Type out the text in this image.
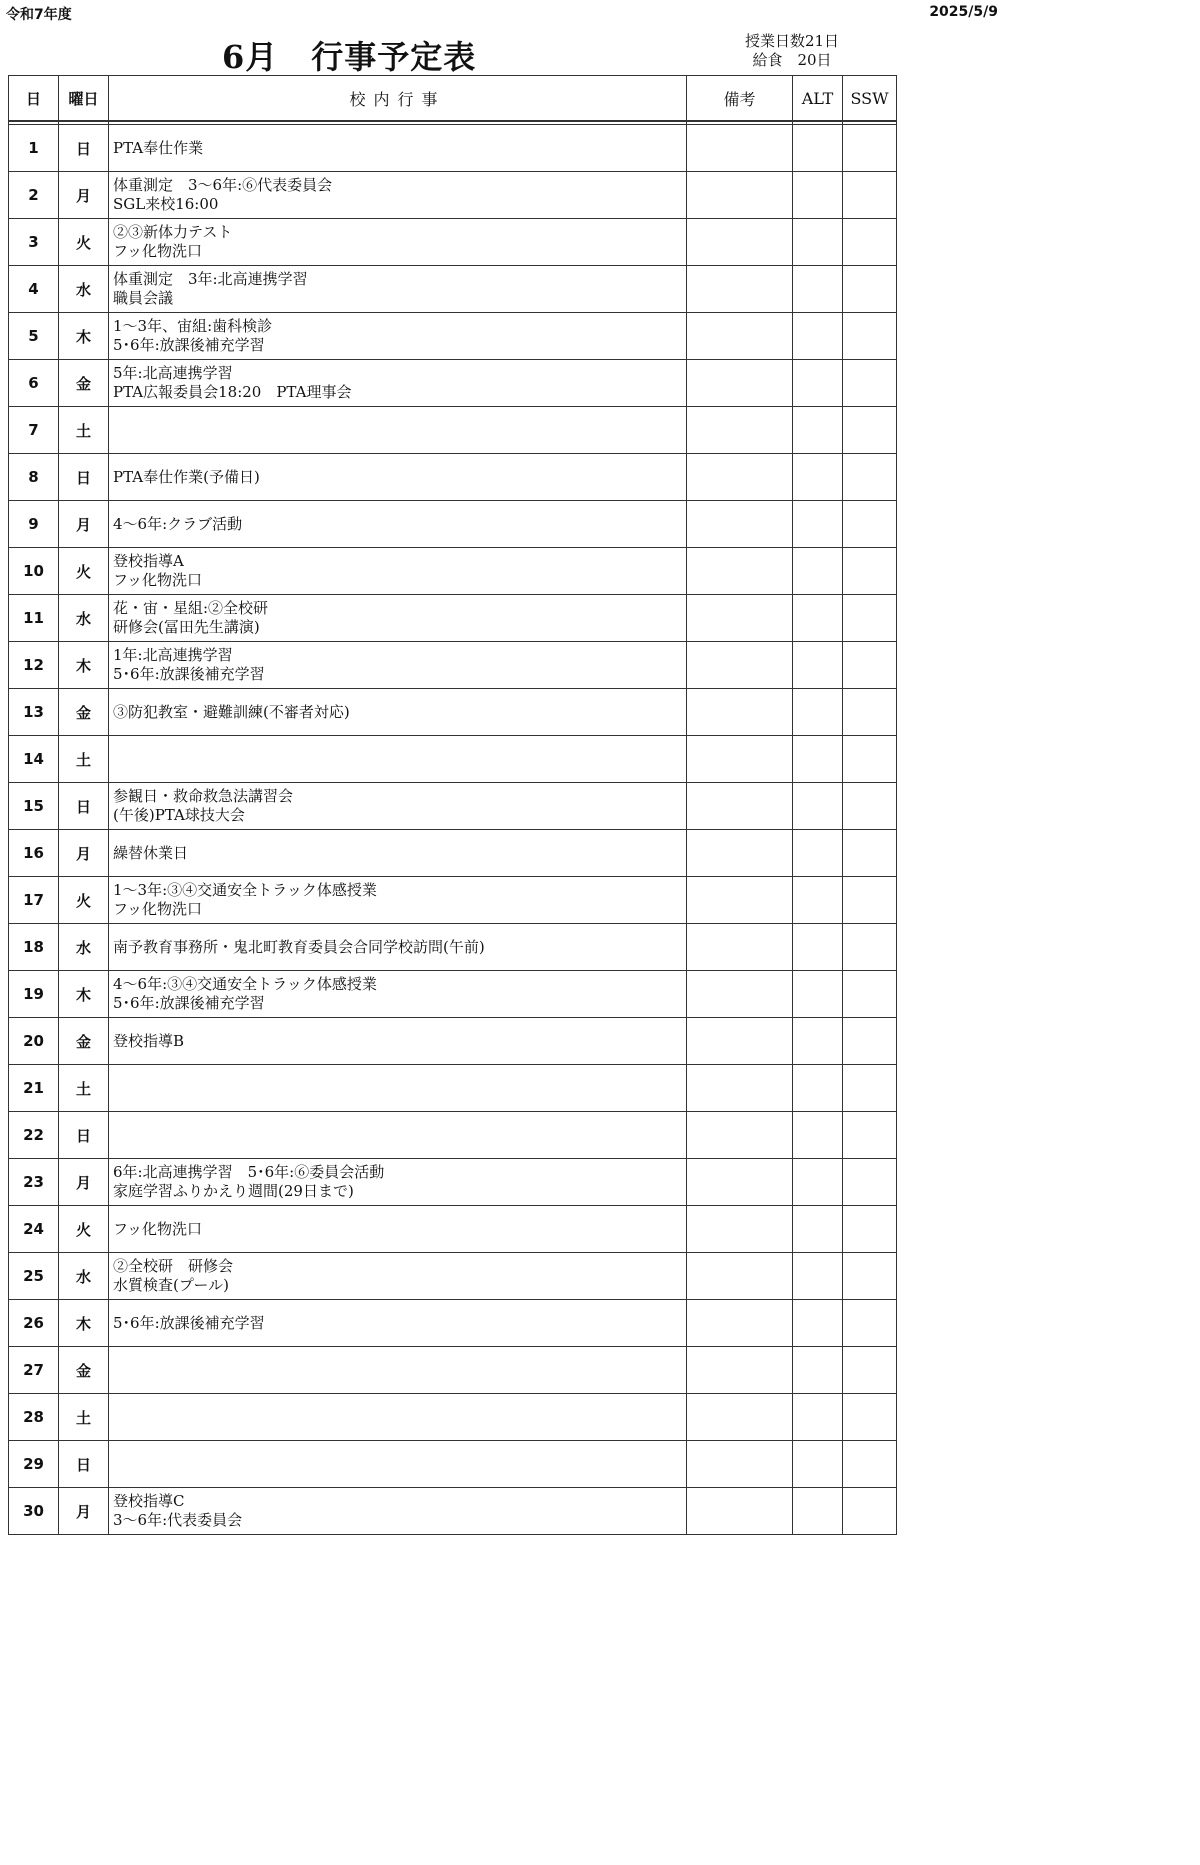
令和7年度	2025/5/9
6月　行事予定表	授業日数21日
給食　20日
日	曜日	校内行事	備考	ALT	SSW

1	日	PTA奉仕作業			

2	月	体重測定　3～6年:⑥代表委員会
SGL来校16:00			

3	火	②③新体力テスト
フッ化物洗口			

4	水	体重測定　3年:北高連携学習
職員会議			

5	木	1～3年、宙組:歯科検診
5･6年:放課後補充学習			

6	金	5年:北高連携学習
PTA広報委員会18:20　PTA理事会			

7	土				
8	日	PTA奉仕作業(予備日)			

9	月	4～6年:クラブ活動			

10	火	登校指導A
フッ化物洗口			

11	水	花・宙・星組:②全校研
研修会(冨田先生講演)			

12	木	1年:北高連携学習
5･6年:放課後補充学習			

13	金	③防犯教室・避難訓練(不審者対応)			

14	土				
15	日	参観日・救命救急法講習会
(午後)PTA球技大会			

16	月	繰替休業日			

17	火	1～3年:③④交通安全トラック体感授業
フッ化物洗口			

18	水	南予教育事務所・鬼北町教育委員会合同学校訪問(午前)			

19	木	4～6年:③④交通安全トラック体感授業
5･6年:放課後補充学習			

20	金	登校指導B			

21	土				
22	日				
23	月	6年:北高連携学習　5･6年:⑥委員会活動
家庭学習ふりかえり週間(29日まで)			

24	火	フッ化物洗口			

25	水	②全校研　研修会
水質検査(プール)			

26	木	5･6年:放課後補充学習			

27	金				
28	土				
29	日				
30	月	登校指導C
3～6年:代表委員会			
